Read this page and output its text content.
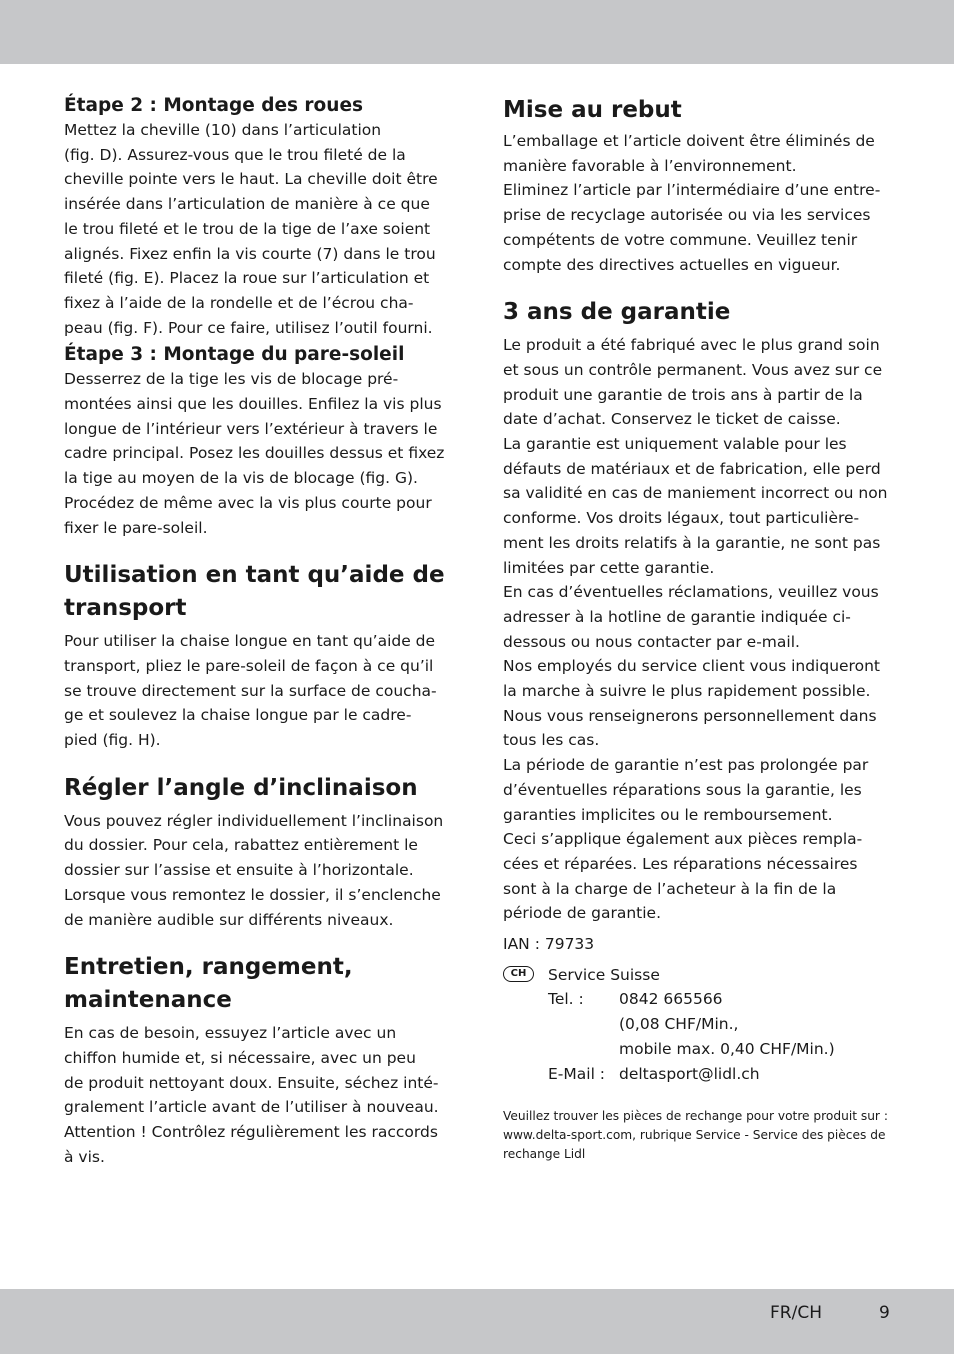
Étape 2 : Montage des roues

Mettez la cheville (10) dans l’articulation

(fig. D). Assurez-vous que le trou fileté de la

cheville pointe vers le haut. La cheville doit être

insérée dans l’articulation de manière à ce que

le trou fileté et le trou de la tige de l’axe soient

alignés. Fixez enfin la vis courte (7) dans le trou

fileté (fig. E). Placez la roue sur l’articulation et

fixez à l’aide de la rondelle et de l’écrou cha-

peau (fig. F). Pour ce faire, utilisez l’outil fourni.

Étape 3 : Montage du pare-soleil

Desserrez de la tige les vis de blocage pré-

montées ainsi que les douilles. Enfilez la vis plus

longue de l’intérieur vers l’extérieur à travers le

cadre principal. Posez les douilles dessus et fixez

la tige au moyen de la vis de blocage (fig. G).

Procédez de même avec la vis plus courte pour

fixer le pare-soleil.

Utilisation en tant qu’aide de
transport

Pour utiliser la chaise longue en tant qu’aide de

transport, pliez le pare-soleil de façon à ce qu’il

se trouve directement sur la surface de coucha-

ge et soulevez la chaise longue par le cadre-

pied (fig. H).

Régler l’angle d’inclinaison

Vous pouvez régler individuellement l’inclinaison

du dossier. Pour cela, rabattez entièrement le

dossier sur l’assise et ensuite à l’horizontale.

Lorsque vous remontez le dossier, il s’enclenche

de manière audible sur différents niveaux.

Entretien, rangement,
maintenance

En cas de besoin, essuyez l’article avec un

chiffon humide et, si nécessaire, avec un peu

de produit nettoyant doux. Ensuite, séchez inté-

gralement l’article avant de l’utiliser à nouveau.

Attention ! Contrôlez régulièrement les raccords

à vis.

Mise au rebut

L’emballage et l’article doivent être éliminés de

manière favorable à l’environnement.

Eliminez l’article par l’intermédiaire d’une entre-

prise de recyclage autorisée ou via les services

compétents de votre commune. Veuillez tenir

compte des directives actuelles en vigueur.

3 ans de garantie

Le produit a été fabriqué avec le plus grand soin

et sous un contrôle permanent. Vous avez sur ce

produit une garantie de trois ans à partir de la

date d’achat. Conservez le ticket de caisse.

La garantie est uniquement valable pour les

défauts de matériaux et de fabrication, elle perd

sa validité en cas de maniement incorrect ou non

conforme. Vos droits légaux, tout particulière-

ment les droits relatifs à la garantie, ne sont pas

limitées par cette garantie.

En cas d’éventuelles réclamations, veuillez vous

adresser à la hotline de garantie indiquée ci-

dessous ou nous contacter par e-mail.

Nos employés du service client vous indiqueront

la marche à suivre le plus rapidement possible.

Nous vous renseignerons personnellement dans

tous les cas.

La période de garantie n’est pas prolongée par

d’éventuelles réparations sous la garantie, les

garanties implicites ou le remboursement.

Ceci s’applique également aux pièces rempla-

cées et réparées. Les réparations nécessaires

sont à la charge de l’acheteur à la fin de la

période de garantie.

IAN : 79733

CH	Service Suisse
Tel. : 0842 665566
(0,08 CHF/Min.,
mobile max. 0,40 CHF/Min.)
E-Mail : deltasport@lidl.ch

Veuillez trouver les pièces de rechange pour votre produit sur :

www.delta-sport.com, rubrique Service - Service des pièces de

rechange Lidl

FR/CH	9
